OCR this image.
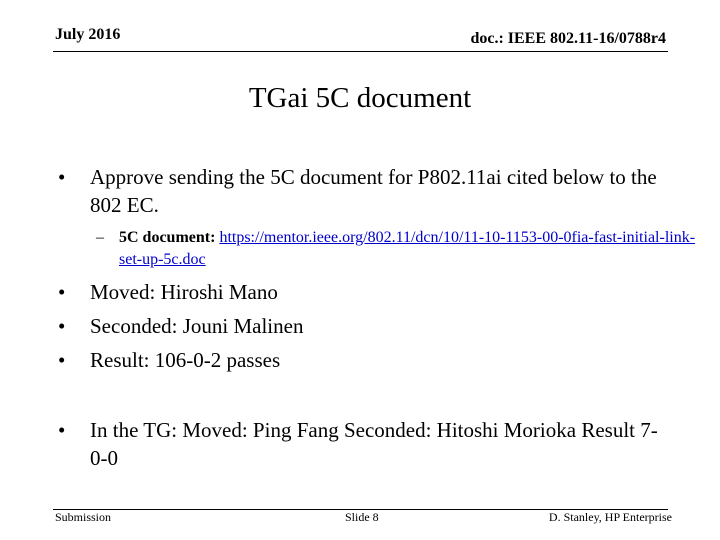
July 2016	doc.: IEEE 802.11-16/0788r4
TGai 5C document
• Approve sending the 5C document for P802.11ai cited below to the 802 EC.
– 5C document: https://mentor.ieee.org/802.11/dcn/10/11-10-1153-00-0fia-fast-initial-link-set-up-5c.doc
• Moved: Hiroshi Mano
• Seconded: Jouni Malinen
• Result: 106-0-2 passes
• In the TG: Moved: Ping Fang Seconded: Hitoshi Morioka Result 7-0-0
Submission	Slide 8	D. Stanley, HP Enterprise
